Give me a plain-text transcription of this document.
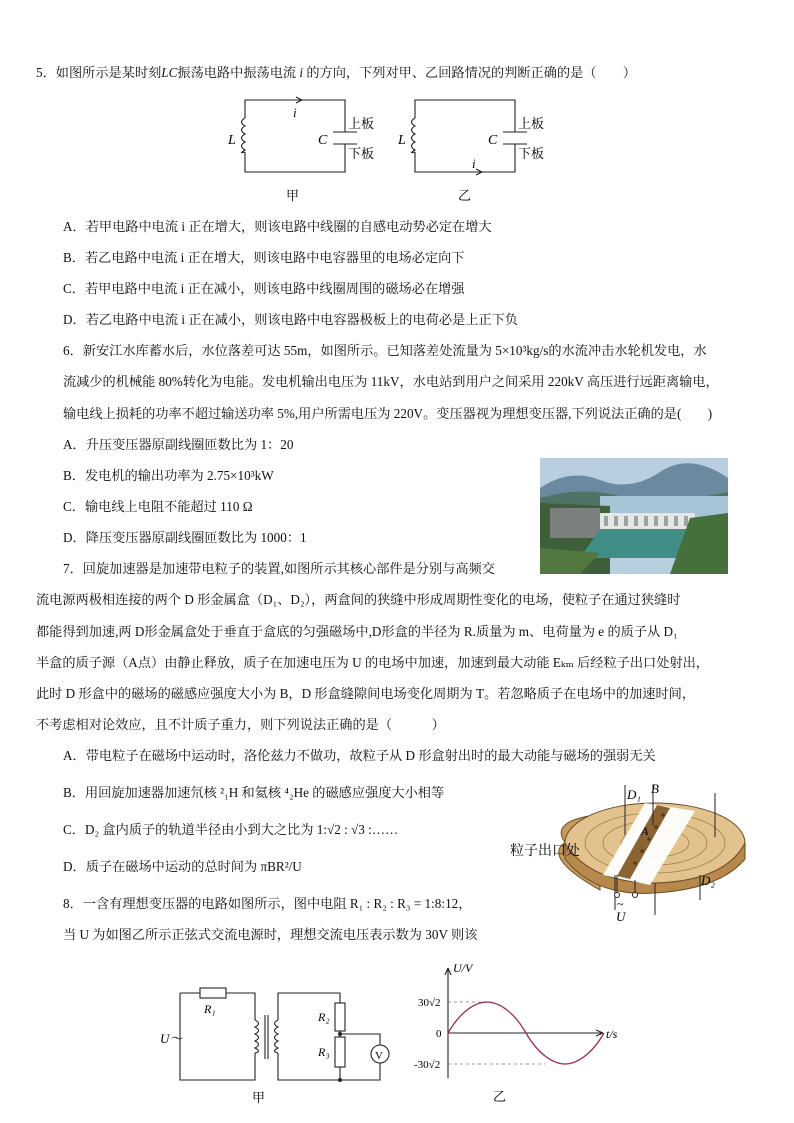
5．如图所示是某时刻LC振荡电路中振荡电流 i 的方向，下列对甲、乙回路情况的判断正确的是（　　）
i
L	C
上板
下板
甲
L	C
上板
下板
i
乙
A．若甲电路中电流 i 正在增大，则该电路中线圈的自感电动势必定在增大
B．若乙电路中电流 i 正在增大，则该电路中电容器里的电场必定向下
C．若甲电路中电流 i 正在减小，则该电路中线圈周围的磁场必在增强
D．若乙电路中电流 i 正在减小，则该电路中电容器极板上的电荷必是上正下负
6．新安江水库蓄水后，水位落差可达 55m，如图所示。已知落差处流量为 5×10³kg/s的水流冲击水轮机发电，水
流减少的机械能 80%转化为电能。发电机输出电压为 11kV，水电站到用户之间采用 220kV 高压进行远距离输电，
输电线上损耗的功率不超过输送功率 5%,用户所需电压为 220V。变压器视为理想变压器,下列说法正确的是(　　)
A．升压变压器原副线圈匝数比为 1：20
B．发电机的输出功率为 2.75×10³kW
C．输电线上电阻不能超过 110 Ω
D．降压变压器原副线圈匝数比为 1000：1
7．回旋加速器是加速带电粒子的装置,如图所示其核心部件是分别与高频交
流电源两极相连接的两个 D 形金属盒（D₁、D₂），两盒间的狭缝中形成周期性变化的电场，使粒子在通过狭缝时
都能得到加速,两 D形金属盒处于垂直于盒底的匀强磁场中,D形盒的半径为 R.质量为 m、电荷量为 e 的质子从 D₁
半盒的质子源（A点）由静止释放，质子在加速电压为 U 的电场中加速，加速到最大动能 Eₖₘ 后经粒子出口处射出，
此时 D 形盒中的磁场的磁感应强度大小为 B，D 形盒缝隙间电场变化周期为 T。若忽略质子在电场中的加速时间，
不考虑相对论效应，且不计质子重力，则下列说法正确的是（　　　）
A．带电粒子在磁场中运动时，洛伦兹力不做功，故粒子从 D 形盒射出时的最大动能与磁场的强弱无关
B．用回旋加速器加速氘核 ²₁H 和氦核 ⁴₂He 的磁感应强度大小相等
C．D₂ 盒内质子的轨道半径由小到大之比为 1:√2 : √3 :……
D．质子在磁场中运动的总时间为 πBR²/U
D₁ B
A
D₂
粒子出口处
~
U
8．一含有理想变压器的电路如图所示，图中电阻 R₁ : R₂ : R₃ = 1:8:12，
当 U 为如图乙所示正弦式交流电源时，理想交流电压表示数为 30V 则该
U～
R₁
R₂
R₃	V
甲
U/V
t/s
30√2
0
-30√2
乙
